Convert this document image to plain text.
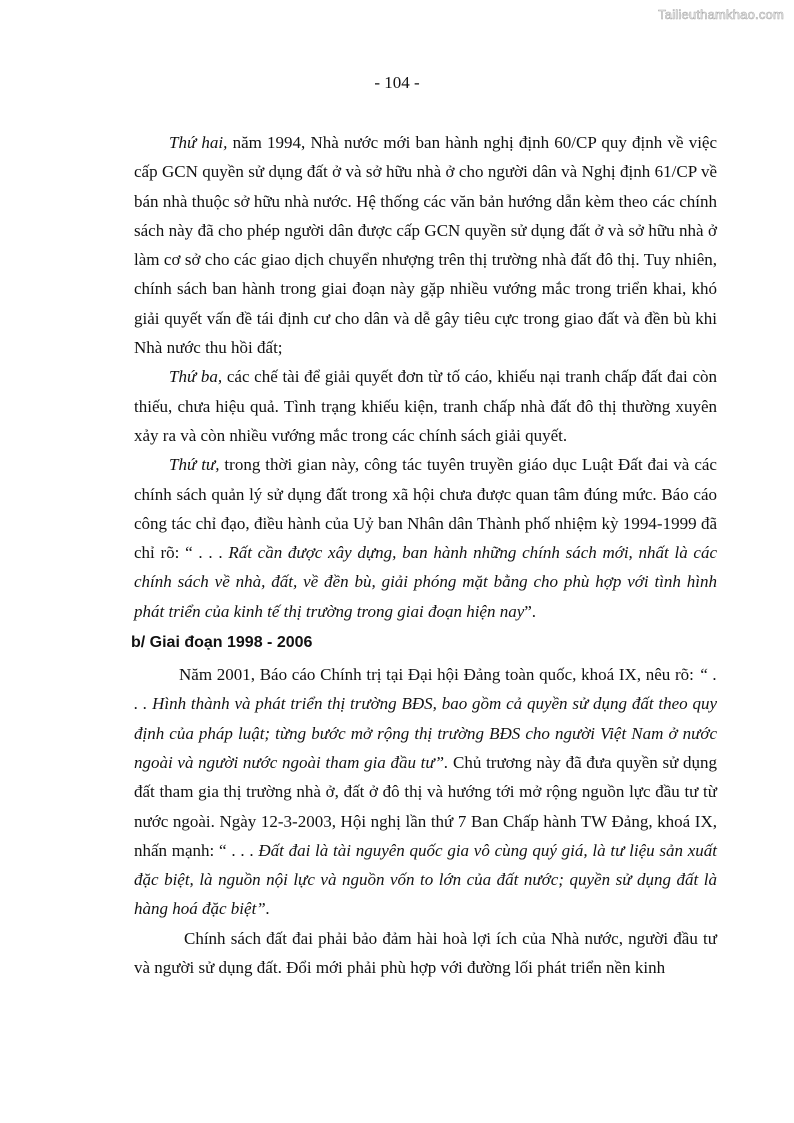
Tailieuthamkhao.com
- 104 -

Thứ hai, năm 1994, Nhà nước mới ban hành nghị định 60/CP quy định về việc cấp GCN quyền sử dụng đất ở và sở hữu nhà ở cho người dân và Nghị định 61/CP về bán nhà thuộc sở hữu nhà nước. Hệ thống các văn bản hướng dẫn kèm theo các chính sách này đã cho phép người dân được cấp GCN quyền sử dụng đất ở và sở hữu nhà ở làm cơ sở cho các giao dịch chuyển nhượng trên thị trường nhà đất đô thị. Tuy nhiên, chính sách ban hành trong giai đoạn này gặp nhiều vướng mắc trong triển khai, khó giải quyết vấn đề tái định cư cho dân và dễ gây tiêu cực trong giao đất và đền bù khi Nhà nước thu hồi đất;

Thứ ba, các chế tài để giải quyết đơn từ tố cáo, khiếu nại tranh chấp đất đai còn thiếu, chưa hiệu quả. Tình trạng khiếu kiện, tranh chấp nhà đất đô thị thường xuyên xảy ra và còn nhiều vướng mắc trong các chính sách giải quyết.

Thứ tư, trong thời gian này, công tác tuyên truyền giáo dục Luật Đất đai và các chính sách quản lý sử dụng đất trong xã hội chưa được quan tâm đúng mức. Báo cáo công tác chỉ đạo, điều hành của Uỷ ban Nhân dân Thành phố nhiệm kỳ 1994-1999 đã chỉ rõ: “ . . . Rất cần được xây dựng, ban hành những chính sách mới, nhất là các chính sách về nhà, đất, về đền bù, giải phóng mặt bằng cho phù hợp với tình hình phát triển của kinh tế thị trường trong giai đoạn hiện nay”.

b/ Giai đoạn 1998 - 2006

Năm 2001, Báo cáo Chính trị tại Đại hội Đảng toàn quốc, khoá IX, nêu rõ: “ . . . Hình thành và phát triển thị trường BĐS, bao gồm cả quyền sử dụng đất theo quy định của pháp luật; từng bước mở rộng thị trường BĐS cho người Việt Nam ở nước ngoài và người nước ngoài tham gia đầu tư”. Chủ trương này đã đưa quyền sử dụng đất tham gia thị trường nhà ở, đất ở đô thị và hướng tới mở rộng nguồn lực đầu tư từ nước ngoài. Ngày 12-3-2003, Hội nghị lần thứ 7 Ban Chấp hành TW Đảng, khoá IX, nhấn mạnh: “ . . . Đất đai là tài nguyên quốc gia vô cùng quý giá, là tư liệu sản xuất đặc biệt, là nguồn nội lực và nguồn vốn to lớn của đất nước; quyền sử dụng đất là hàng hoá đặc biệt”.

Chính sách đất đai phải bảo đảm hài hoà lợi ích của Nhà nước, người đầu tư và người sử dụng đất. Đổi mới phải phù hợp với đường lối phát triển nền kinh
